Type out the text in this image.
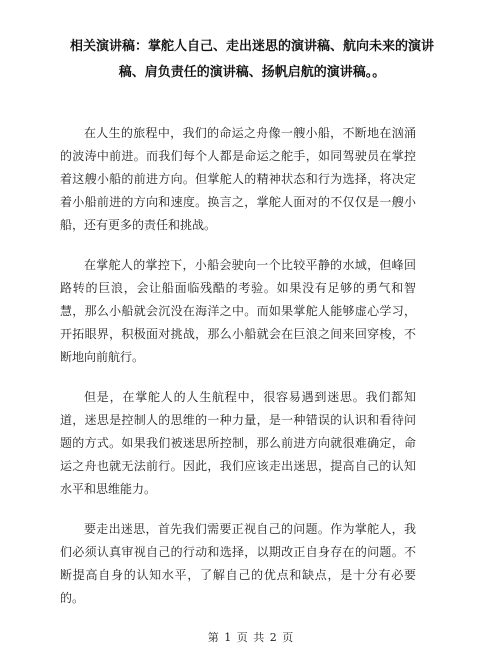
相关演讲稿：掌舵人自己、走出迷思的演讲稿、航向未来的演讲稿、肩负责任的演讲稿、扬帆启航的演讲稿。。

在人生的旅程中，我们的命运之舟像一艘小船，不断地在汹涌的波涛中前进。而我们每个人都是命运之舵手，如同驾驶员在掌控着这艘小船的前进方向。但掌舵人的精神状态和行为选择，将决定着小船前进的方向和速度。换言之，掌舵人面对的不仅仅是一艘小船，还有更多的责任和挑战。

在掌舵人的掌控下，小船会驶向一个比较平静的水域，但峰回路转的巨浪，会让船面临残酷的考验。如果没有足够的勇气和智慧，那么小船就会沉没在海洋之中。而如果掌舵人能够虚心学习，开拓眼界，积极面对挑战，那么小船就会在巨浪之间来回穿梭，不断地向前航行。

但是，在掌舵人的人生航程中，很容易遇到迷思。我们都知道，迷思是控制人的思维的一种力量，是一种错误的认识和看待问题的方式。如果我们被迷思所控制，那么前进方向就很难确定，命运之舟也就无法前行。因此，我们应该走出迷思，提高自己的认知水平和思维能力。

要走出迷思，首先我们需要正视自己的问题。作为掌舵人，我们必须认真审视自己的行动和选择，以期改正自身存在的问题。不断提高自身的认知水平，了解自己的优点和缺点，是十分有必要的。

第 1 页 共 2 页
